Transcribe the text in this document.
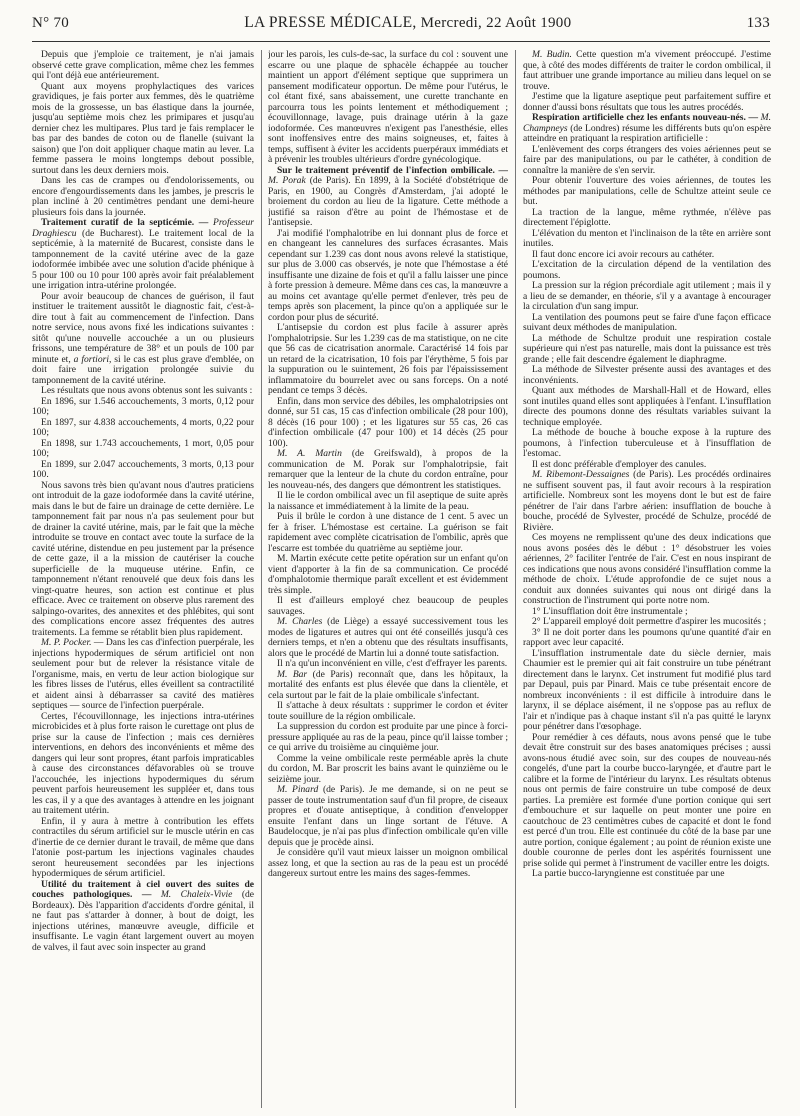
N° 70	LA PRESSE MÉDICALE, Mercredi, 22 Août 1900	133

Depuis que j'emploie ce traitement, je n'ai jamais observé cette grave complication, même chez les femmes qui l'ont déjà eue antérieurement.

Quant aux moyens prophylactiques des varices gravidiques, je fais porter aux femmes, dès le quatrième mois de la grossesse, un bas élastique dans la journée, jusqu'au septième mois chez les primipares et jusqu'au dernier chez les multipares. Plus tard je fais remplacer le bas par des bandes de coton ou de flanelle (suivant la saison) que l'on doit appliquer chaque matin au lever. La femme passera le moins longtemps debout possible, surtout dans les deux derniers mois.

Dans les cas de crampes ou d'endolorissements, ou encore d'engourdissements dans les jambes, je prescris le plan incliné à 20 centimètres pendant une demi-heure plusieurs fois dans la journée.

Traitement curatif de la septicémie. — Professeur Draghiescu (de Bucharest). Le traitement local de la septicémie, à la maternité de Bucarest, consiste dans le tamponnement de la cavité utérine avec de la gaze iodoformée imbibée avec une solution d'acide phénique à 5 pour 100 ou 10 pour 100 après avoir fait préalablement une irrigation intra-utérine prolongée.

Pour avoir beaucoup de chances de guérison, il faut instituer le traitement aussitôt le diagnostic fait, c'est-à-dire tout à fait au commencement de l'infection. Dans notre service, nous avons fixé les indications suivantes : sitôt qu'une nouvelle accouchée a un ou plusieurs frissons, une température de 38° et un pouls de 100 par minute et, a fortiori, si le cas est plus grave d'emblée, on doit faire une irrigation prolongée suivie du tamponnement de la cavité utérine.

Les résultats que nous avons obtenus sont les suivants :

En 1896, sur 1.546 accouchements, 3 morts, 0,12 pour 100;

En 1897, sur 4.838 accouchements, 4 morts, 0,22 pour 100;

En 1898, sur 1.743 accouchements, 1 mort, 0,05 pour 100;

En 1899, sur 2.047 accouchements, 3 morts, 0,13 pour 100.

Nous savons très bien qu'avant nous d'autres praticiens ont introduit de la gaze iodoformée dans la cavité utérine, mais dans le but de faire un drainage de cette dernière. Le tamponnement fait par nous n'a pas seulement pour but de drainer la cavité utérine, mais, par le fait que la mèche introduite se trouve en contact avec toute la surface de la cavité utérine, distendue en peu justement par la présence de cette gaze, il a la mission de cautériser la couche superficielle de la muqueuse utérine. Enfin, ce tamponnement n'étant renouvelé que deux fois dans les vingt-quatre heures, son action est continue et plus efficace. Avec ce traitement on observe plus rarement des salpingo-ovarites, des annexites et des phlébites, qui sont des complications encore assez fréquentes des autres traitements. La femme se rétablit bien plus rapidement.

M. P. Pocker. — Dans les cas d'infection puerpérale, les injections hypodermiques de sérum artificiel ont non seulement pour but de relever la résistance vitale de l'organisme, mais, en vertu de leur action biologique sur les fibres lisses de l'utérus, elles éveillent sa contractilité et aident ainsi à débarrasser sa cavité des matières septiques — source de l'infection puerpérale.

Certes, l'écouvillonnage, les injections intra-utérines microbicides et à plus forte raison le curettage ont plus de prise sur la cause de l'infection ; mais ces dernières interventions, en dehors des inconvénients et même des dangers qui leur sont propres, étant parfois impraticables à cause des circonstances défavorables où se trouve l'accouchée, les injections hypodermiques du sérum peuvent parfois heureusement les suppléer et, dans tous les cas, il y a que des avantages à attendre en les joignant au traitement utérin.

Enfin, il y aura à mettre à contribution les effets contractiles du sérum artificiel sur le muscle utérin en cas d'inertie de ce dernier durant le travail, de même que dans l'atonie post-partum les injections vaginales chaudes seront heureusement secondées par les injections hypodermiques de sérum artificiel.

Utilité du traitement à ciel ouvert des suites de couches pathologiques. — M. Chaleix-Vivie (de Bordeaux). Dès l'apparition d'accidents d'ordre génital, il ne faut pas s'attarder à donner, à bout de doigt, les injections utérines, manœuvre aveugle, difficile et insuffisante. Le vagin étant largement ouvert au moyen de valves, il faut avec soin inspecter au grand

jour les parois, les culs-de-sac, la surface du col : souvent une escarre ou une plaque de sphacèle échappée au toucher maintient un apport d'élément septique que supprimera un pansement modificateur opportun. De même pour l'utérus, le col étant fixé, sans abaissement, une curette tranchante en parcourra tous les points lentement et méthodiquement ; écouvillonnage, lavage, puis drainage utérin à la gaze iodoformée. Ces manœuvres n'exigent pas l'anesthésie, elles sont inoffensives entre des mains soigneuses, et, faites à temps, suffisent à éviter les accidents puerpéraux immédiats et à prévenir les troubles ultérieurs d'ordre gynécologique.

Sur le traitement préventif de l'infection ombilicale. — M. Porak (de Paris). En 1899, à la Société d'obstétrique de Paris, en 1900, au Congrès d'Amsterdam, j'ai adopté le broiement du cordon au lieu de la ligature. Cette méthode a justifié sa raison d'être au point de l'hémostase et de l'antisepsie.

J'ai modifié l'omphalotribe en lui donnant plus de force et en changeant les cannelures des surfaces écrasantes. Mais cependant sur 1.239 cas dont nous avons relevé la statistique, sur plus de 3.000 cas observés, je note que l'hémostase a été insuffisante une dizaine de fois et qu'il a fallu laisser une pince à forte pression à demeure. Même dans ces cas, la manœuvre a au moins cet avantage qu'elle permet d'enlever, très peu de temps après son placement, la pince qu'on a appliquée sur le cordon pour plus de sécurité.

L'antisepsie du cordon est plus facile à assurer après l'omphalotripsie. Sur les 1.239 cas de ma statistique, on ne cite que 56 cas de cicatrisation anormale. Caractérisé 14 fois par un retard de la cicatrisation, 10 fois par l'érythème, 5 fois par la suppuration ou le suintement, 26 fois par l'épaississement inflammatoire du bourrelet avec ou sans forceps. On a noté pendant ce temps 3 décès.

Enfin, dans mon service des débiles, les omphalotripsies ont donné, sur 51 cas, 15 cas d'infection ombilicale (28 pour 100), 8 décès (16 pour 100) ; et les ligatures sur 55 cas, 26 cas d'infection ombilicale (47 pour 100) et 14 décès (25 pour 100).

M. A. Martin (de Greifswald), à propos de la communication de M. Porak sur l'omphalotripsie, fait remarquer que la lenteur de la chute du cordon entraîne, pour les nouveau-nés, des dangers que démontrent les statistiques.

Il lie le cordon ombilical avec un fil aseptique de suite après la naissance et immédiatement à la limite de la peau.

Puis il brûle le cordon à une distance de 1 cent. 5 avec un fer à friser. L'hémostase est certaine. La guérison se fait rapidement avec complète cicatrisation de l'ombilic, après que l'escarre est tombée du quatrième au septième jour.

M. Martin exécute cette petite opération sur un enfant qu'on vient d'apporter à la fin de sa communication. Ce procédé d'omphalotomie thermique paraît excellent et est évidemment très simple.

Il est d'ailleurs employé chez beaucoup de peuples sauvages.

M. Charles (de Liège) a essayé successivement tous les modes de ligatures et autres qui ont été conseillés jusqu'à ces derniers temps, et n'en a obtenu que des résultats insuffisants, alors que le procédé de Martin lui a donné toute satisfaction.

Il n'a qu'un inconvénient en ville, c'est d'effrayer les parents.

M. Bar (de Paris) reconnaît que, dans les hôpitaux, la mortalité des enfants est plus élevée que dans la clientèle, et cela surtout par le fait de la plaie ombilicale s'infectant.

Il s'attache à deux résultats : supprimer le cordon et éviter toute souillure de la région ombilicale.

La suppression du cordon est produite par une pince à forci-pressure appliquée au ras de la peau, pince qu'il laisse tomber ; ce qui arrive du troisième au cinquième jour.

Comme la veine ombilicale reste perméable après la chute du cordon, M. Bar proscrit les bains avant le quinzième ou le seizième jour.

M. Pinard (de Paris). Je me demande, si on ne peut se passer de toute instrumentation sauf d'un fil propre, de ciseaux propres et d'ouate antiseptique, à condition d'envelopper ensuite l'enfant dans un linge sortant de l'étuve. A Baudelocque, je n'ai pas plus d'infection ombilicale qu'en ville depuis que je procède ainsi.

Je considère qu'il vaut mieux laisser un moignon ombilical assez long, et que la section au ras de la peau est un procédé dangereux surtout entre les mains des sages-femmes.

M. Budin. Cette question m'a vivement préoccupé. J'estime que, à côté des modes différents de traiter le cordon ombilical, il faut attribuer une grande importance au milieu dans lequel on se trouve.

J'estime que la ligature aseptique peut parfaitement suffire et donner d'aussi bons résultats que tous les autres procédés.

Respiration artificielle chez les enfants nouveau-nés. — M. Champneys (de Londres) résume les différents buts qu'on espère atteindre en pratiquant la respiration artificielle :

L'enlèvement des corps étrangers des voies aériennes peut se faire par des manipulations, ou par le cathéter, à condition de connaître la manière de s'en servir.

Pour obtenir l'ouverture des voies aériennes, de toutes les méthodes par manipulations, celle de Schultze atteint seule ce but.

La traction de la langue, même rythmée, n'élève pas directement l'épiglotte.

L'élévation du menton et l'inclinaison de la tête en arrière sont inutiles.

Il faut donc encore ici avoir recours au cathéter.

L'excitation de la circulation dépend de la ventilation des poumons.

La pression sur la région précordiale agit utilement ; mais il y a lieu de se demander, en théorie, s'il y a avantage à encourager la circulation d'un sang impur.

La ventilation des poumons peut se faire d'une façon efficace suivant deux méthodes de manipulation.

La méthode de Schultze produit une respiration costale supérieure qui n'est pas naturelle, mais dont la puissance est très grande ; elle fait descendre également le diaphragme.

La méthode de Silvester présente aussi des avantages et des inconvénients.

Quant aux méthodes de Marshall-Hall et de Howard, elles sont inutiles quand elles sont appliquées à l'enfant. L'insufflation directe des poumons donne des résultats variables suivant la technique employée.

La méthode de bouche à bouche expose à la rupture des poumons, à l'infection tuberculeuse et à l'insufflation de l'estomac.

Il est donc préférable d'employer des canules.

M. Ribemont-Dessaignes (de Paris). Les procédés ordinaires ne suffisent souvent pas, il faut avoir recours à la respiration artificielle. Nombreux sont les moyens dont le but est de faire pénétrer de l'air dans l'arbre aérien: insufflation de bouche à bouche, procédé de Sylvester, procédé de Schulze, procédé de Rivière.

Ces moyens ne remplissent qu'une des deux indications que nous avons posées dès le début : 1° désobstruer les voies aériennes, 2° faciliter l'entrée de l'air. C'est en nous inspirant de ces indications que nous avons considéré l'insufflation comme la méthode de choix. L'étude approfondie de ce sujet nous a conduit aux données suivantes qui nous ont dirigé dans la construction de l'instrument qui porte notre nom.

1° L'insufflation doit être instrumentale ;

2° L'appareil employé doit permettre d'aspirer les mucosités ;

3° Il ne doit porter dans les poumons qu'une quantité d'air en rapport avec leur capacité.

L'insufflation instrumentale date du siècle dernier, mais Chaumier est le premier qui ait fait construire un tube pénétrant directement dans le larynx. Cet instrument fut modifié plus tard par Depaul, puis par Pinard. Mais ce tube présentait encore de nombreux inconvénients : il est difficile à introduire dans le larynx, il se déplace aisément, il ne s'oppose pas au reflux de l'air et n'indique pas à chaque instant s'il n'a pas quitté le larynx pour pénétrer dans l'œsophage.

Pour remédier à ces défauts, nous avons pensé que le tube devait être construit sur des bases anatomiques précises ; aussi avons-nous étudié avec soin, sur des coupes de nouveau-nés congelés, d'une part la courbe bucco-laryngée, et d'autre part le calibre et la forme de l'intérieur du larynx. Les résultats obtenus nous ont permis de faire construire un tube composé de deux parties. La première est formée d'une portion conique qui sert d'embouchure et sur laquelle on peut monter une poire en caoutchouc de 23 centimètres cubes de capacité et dont le fond est percé d'un trou. Elle est continuée du côté de la base par une autre portion, conique également ; au point de réunion existe une double couronne de perles dont les aspérités fournissent une prise solide qui permet à l'instrument de vaciller entre les doigts.

La partie bucco-laryngienne est constituée par une
